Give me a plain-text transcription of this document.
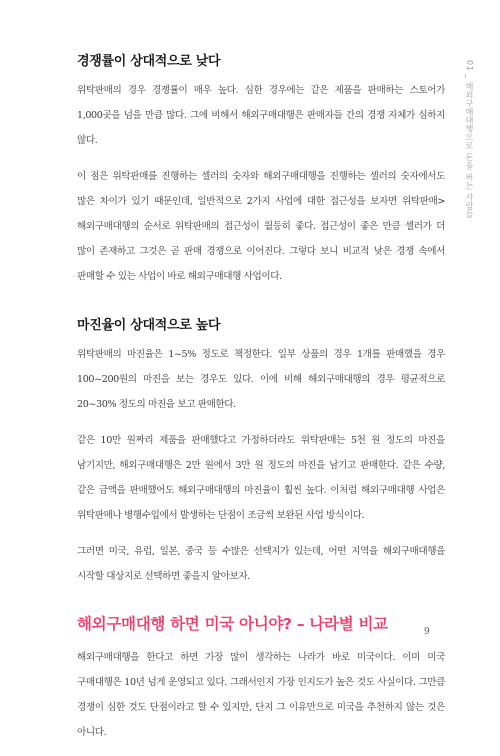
경쟁률이 상대적으로 낮다

위탁판매의 경우 경쟁률이 매우 높다. 심한 경우에는 같은 제품을 판매하는 스토어가 1,000곳을 넘을 만큼 많다. 그에 비해서 해외구매대행은 판매자들 간의 경쟁 자체가 심하지 않다.

이 점은 위탁판매를 진행하는 셀러의 숫자와 해외구매대행을 진행하는 셀러의 숫자에서도 많은 차이가 있기 때문인데, 일반적으로 2가지 사업에 대한 접근성을 보자면 위탁판매>해외구매대행의 순서로 위탁판매의 접근성이 월등히 좋다. 접근성이 좋은 만큼 셀러가 더 많이 존재하고 그것은 곧 판매 경쟁으로 이어진다. 그렇다 보니 비교적 낮은 경쟁 속에서 판매할 수 있는 사업이 바로 해외구매대행 사업이다.

마진율이 상대적으로 높다

위탁판매의 마진율은 1~5% 정도로 책정한다. 일부 상품의 경우 1개를 판매했을 경우 100~200원의 마진을 보는 경우도 있다. 이에 비해 해외구매대행의 경우 평균적으로 20~30% 정도의 마진을 보고 판매한다.

같은 10만 원짜리 제품을 판매했다고 가정하더라도 위탁판매는 5천 원 정도의 마진을 남기지만, 해외구매대행은 2만 원에서 3만 원 정도의 마진을 남기고 판매한다. 같은 수량, 같은 금액을 판매했어도 해외구매대행의 마진율이 훨씬 높다. 이처럼 해외구매대행 사업은 위탁판매나 병행수입에서 발생하는 단점이 조금씩 보완된 사업 방식이다.

그러면 미국, 유럽, 일본, 중국 등 수많은 선택지가 있는데, 어떤 지역을 해외구매대행을 시작할 대상지로 선택하면 좋을지 알아보자.

해외구매대행 하면 미국 아니야? – 나라별 비교

해외구매대행을 한다고 하면 가장 많이 생각하는 나라가 바로 미국이다. 이미 미국 구매대행은 10년 넘게 운영되고 있다. 그래서인지 가장 인지도가 높은 것도 사실이다. 그만큼 경쟁이 심한 것도 단점이라고 할 수 있지만, 단지 그 이유만으로 미국을 추천하지 않는 것은 아니다.

01 _ 해외구매대행으로 돈을 버는 사람들
9
